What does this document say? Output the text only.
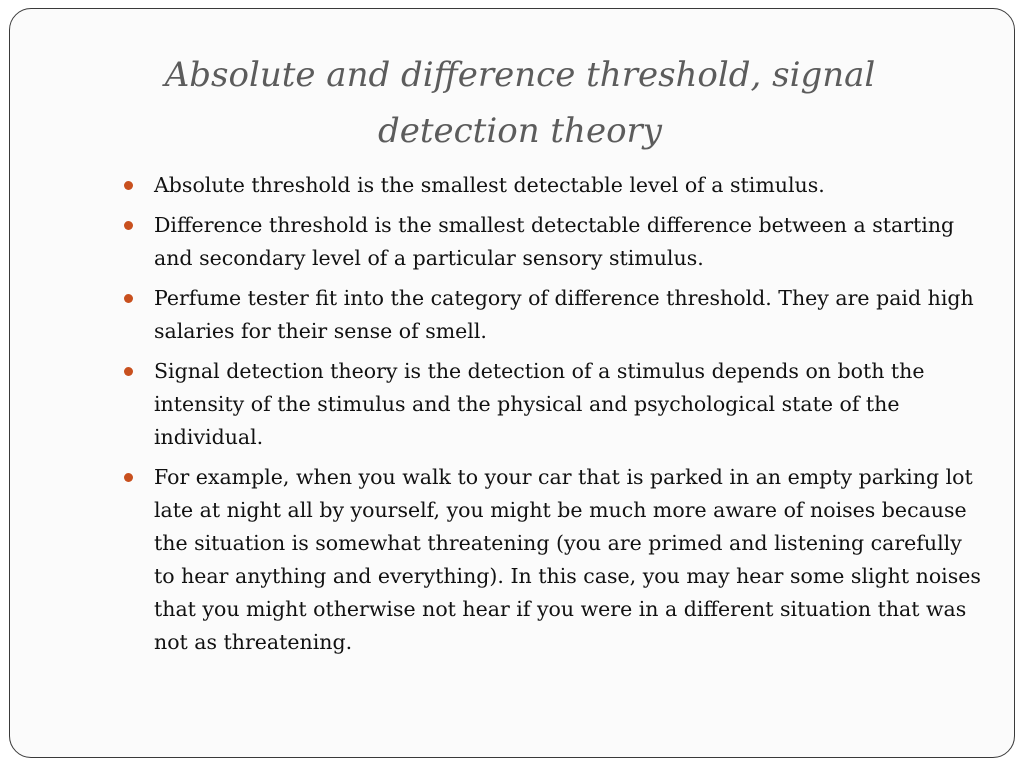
Absolute and difference threshold, signal detection theory
Absolute threshold is the smallest detectable level of a stimulus.
Difference threshold is the smallest detectable difference between a starting and secondary level of a particular sensory stimulus.
Perfume tester fit into the category of difference threshold. They are paid high salaries for their sense of smell.
Signal detection theory is the detection of a stimulus depends on both the intensity of the stimulus and the physical and psychological state of the individual.
For example, when you walk to your car that is parked in an empty parking lot late at night all by yourself, you might be much more aware of noises because the situation is somewhat threatening (you are primed and listening carefully to hear anything and everything). In this case, you may hear some slight noises that you might otherwise not hear if you were in a different situation that was not as threatening.
